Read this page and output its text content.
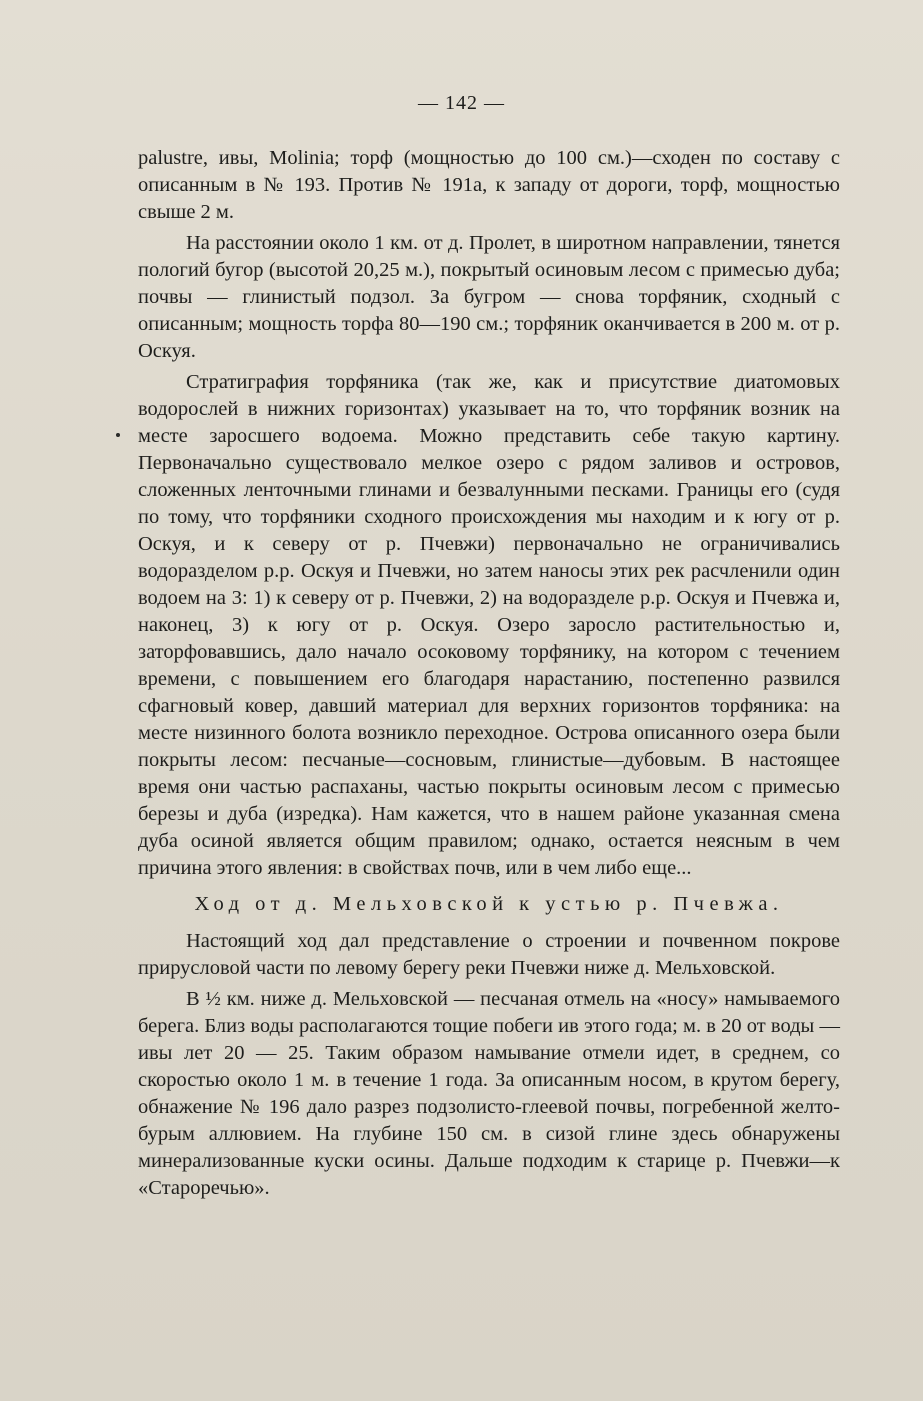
— 142 —

palustre, ивы, Molinia; торф (мощностью до 100 см.)—сходен по составу с описанным в № 193. Против № 191а, к западу от дороги, торф, мощностью свыше 2 м.

На расстоянии около 1 км. от д. Пролет, в широтном направлении, тянется пологий бугор (высотой 20,25 м.), покрытый осиновым лесом с примесью дуба; почвы — глинистый подзол. За бугром — снова торфяник, сходный с описанным; мощность торфа 80—190 см.; торфяник оканчивается в 200 м. от р. Оскуя.

Стратиграфия торфяника (так же, как и присутствие диатомовых водорослей в нижних горизонтах) указывает на то, что торфяник возник на месте заросшего водоема. Можно представить себе такую картину. Первоначально существовало мелкое озеро с рядом заливов и островов, сложенных ленточными глинами и безвалунными песками. Границы его (судя по тому, что торфяники сходного происхождения мы находим и к югу от р. Оскуя, и к северу от р. Пчевжи) первоначально не ограничивались водоразделом р.р. Оскуя и Пчевжи, но затем наносы этих рек расчленили один водоем на 3: 1) к северу от р. Пчевжи, 2) на водоразделе р.р. Оскуя и Пчевжа и, наконец, 3) к югу от р. Оскуя. Озеро заросло растительностью и, заторфовавшись, дало начало осоковому торфянику, на котором с течением времени, с повышением его благодаря нарастанию, постепенно развился сфагновый ковер, давший материал для верхних горизонтов торфяника: на месте низинного болота возникло переходное. Острова описанного озера были покрыты лесом: песчаные—сосновым, глинистые—дубовым. В настоящее время они частью распаханы, частью покрыты осиновым лесом с примесью березы и дуба (изредка). Нам кажется, что в нашем районе указанная смена дуба осиной является общим правилом; однако, остается неясным в чем причина этого явления: в свойствах почв, или в чем либо еще...

Ход от д. Мельховской к устью р. Пчевжа.

Настоящий ход дал представление о строении и почвенном покрове прирусловой части по левому берегу реки Пчевжи ниже д. Мельховской.

В ½ км. ниже д. Мельховской — песчаная отмель на «носу» намываемого берега. Близ воды располагаются тощие побеги ив этого года; м. в 20 от воды — ивы лет 20 — 25. Таким образом намывание отмели идет, в среднем, со скоростью около 1 м. в течение 1 года. За описанным носом, в крутом берегу, обнажение № 196 дало разрез подзолисто-глеевой почвы, погребенной желто-бурым аллювием. На глубине 150 см. в сизой глине здесь обнаружены минерализованные куски осины. Дальше подходим к старице р. Пчевжи—к «Старoречью».
